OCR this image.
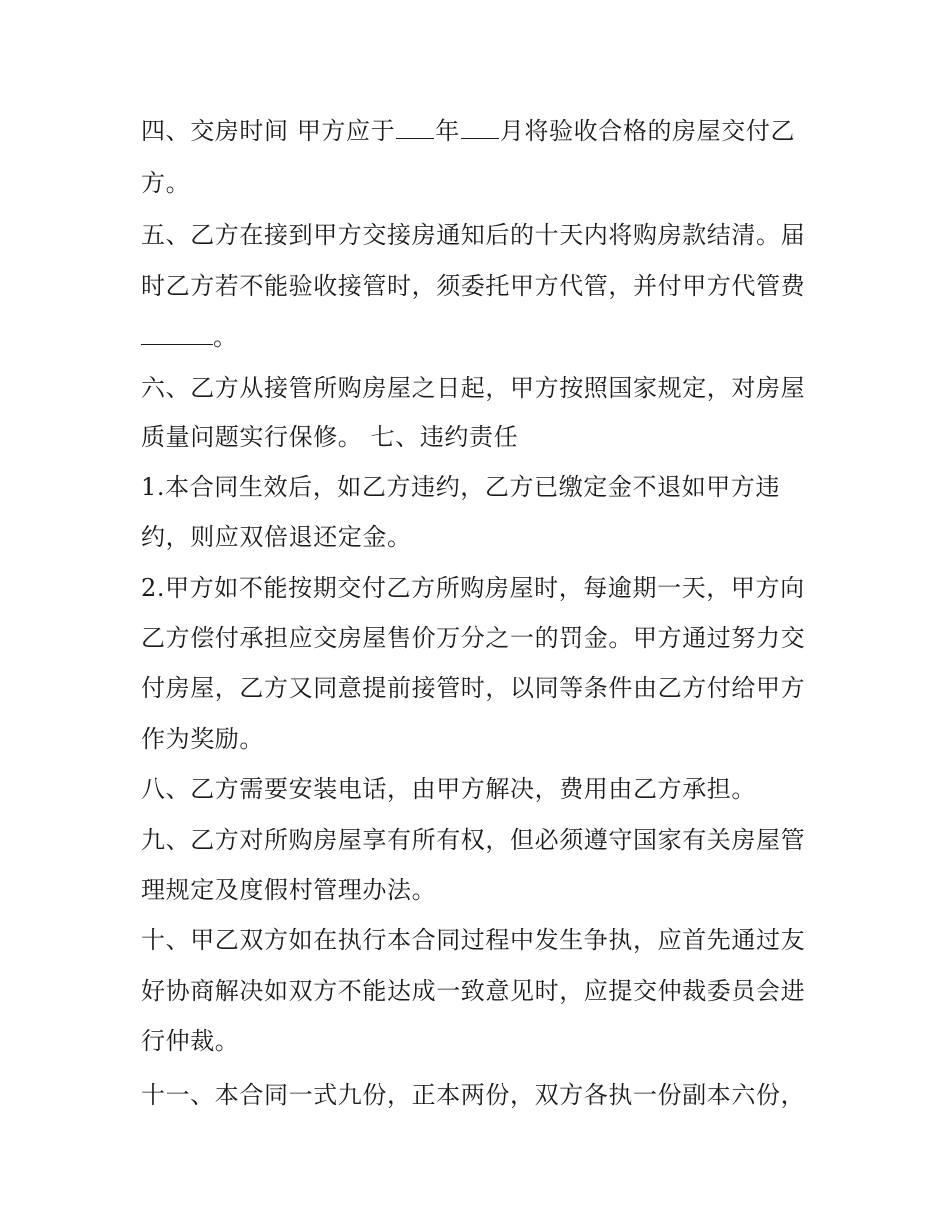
四、交房时间 甲方应于 年 月将验收合格的房屋交付乙
方。
五、乙方在接到甲方交接房通知后的十天内将购房款结清。届
时乙方若不能验收接管时，须委托甲方代管，并付甲方代管费
。
六、乙方从接管所购房屋之日起，甲方按照国家规定，对房屋
质量问题实行保修。 七、违约责任
1.本合同生效后，如乙方违约，乙方已缴定金不退如甲方违
约，则应双倍退还定金。
2.甲方如不能按期交付乙方所购房屋时，每逾期一天，甲方向
乙方偿付承担应交房屋售价万分之一的罚金。甲方通过努力交
付房屋，乙方又同意提前接管时，以同等条件由乙方付给甲方
作为奖励。
八、乙方需要安装电话，由甲方解决，费用由乙方承担。
九、乙方对所购房屋享有所有权，但必须遵守国家有关房屋管
理规定及度假村管理办法。
十、甲乙双方如在执行本合同过程中发生争执，应首先通过友
好协商解决如双方不能达成一致意见时，应提交仲裁委员会进
行仲裁。
十一、本合同一式九份，正本两份，双方各执一份副本六份，
